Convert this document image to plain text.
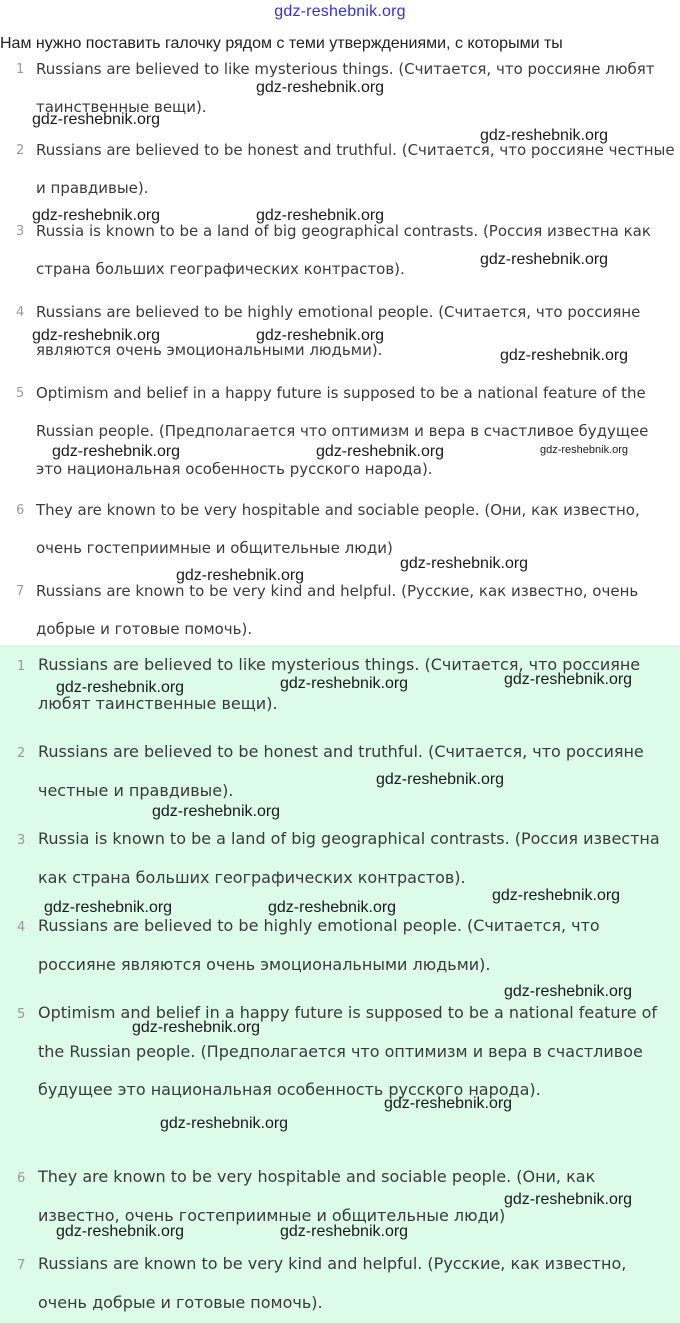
gdz-reshebnik.org
Нам нужно поставить галочку рядом с теми утверждениями, с которыми ты
1 Russians are believed to like mysterious things. (Считается, что россияне любят таинственные вещи).
2 Russians are believed to be honest and truthful. (Считается, что россияне честные и правдивые).
3 Russia is known to be a land of big geographical contrasts. (Россия известна как страна больших географических контрастов).
4 Russians are believed to be highly emotional people. (Считается, что россияне являются очень эмоциональными людьми).
5 Optimism and belief in a happy future is supposed to be a national feature of the Russian people. (Предполагается что оптимизм и вера в счастливое будущее это национальная особенность русского народа).
6 They are known to be very hospitable and sociable people. (Они, как известно, очень гостеприимные и общительные люди)
7 Russians are known to be very kind and helpful. (Русские, как известно, очень добрые и готовые помочь).
1 Russians are believed to like mysterious things. (Считается, что россияне любят таинственные вещи).
2 Russians are believed to be honest and truthful. (Считается, что россияне честные и правдивые).
3 Russia is known to be a land of big geographical contrasts. (Россия известна как страна больших географических контрастов).
4 Russians are believed to be highly emotional people. (Считается, что россияне являются очень эмоциональными людьми).
5 Optimism and belief in a happy future is supposed to be a national feature of the Russian people. (Предполагается что оптимизм и вера в счастливое будущее это национальная особенность русского народа).
6 They are known to be very hospitable and sociable people. (Они, как известно, очень гостеприимные и общительные люди)
7 Russians are known to be very kind and helpful. (Русские, как известно, очень добрые и готовые помочь).
gdz-reshebnik.org
gdz-reshebnik.org
gdz-reshebnik.org
gdz-reshebnik.org	gdz-reshebnik.org
gdz-reshebnik.org
gdz-reshebnik.org	gdz-reshebnik.org
gdz-reshebnik.org
gdz-reshebnik.org	gdz-reshebnik.org	gdz-reshebnik.org
gdz-reshebnik.org
gdz-reshebnik.org
gdz-reshebnik.org
gdz-reshebnik.org
gdz-reshebnik.org
gdz-reshebnik.org
gdz-reshebnik.org
gdz-reshebnik.org
gdz-reshebnik.org	gdz-reshebnik.org
gdz-reshebnik.org
gdz-reshebnik.org
gdz-reshebnik.org
gdz-reshebnik.org
gdz-reshebnik.org
gdz-reshebnik.org	gdz-reshebnik.org
